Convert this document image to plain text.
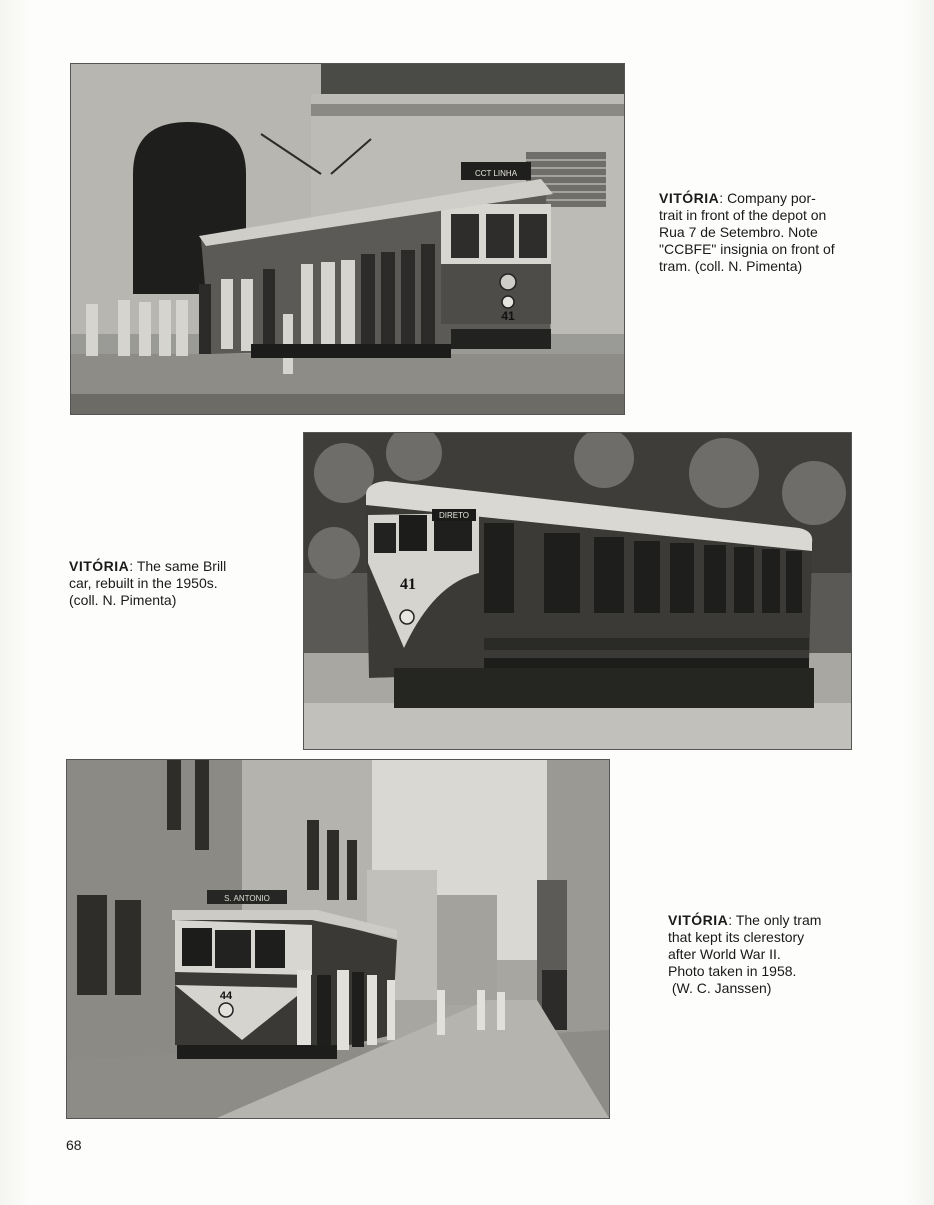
41
CCT LINHA
VITÓRIA: Company por-
trait in front of the depot on
Rua 7 de Setembro. Note
"CCBFE" insignia on front of
tram. (coll. N. Pimenta)
41
DIRETO
VITÓRIA: The same Brill
car, rebuilt in the 1950s.
(coll. N. Pimenta)
44
S. ANTONIO
VITÓRIA: The only tram
that kept its clerestory
after World War II.
Photo taken in 1958.
(W. C. Janssen)
68
